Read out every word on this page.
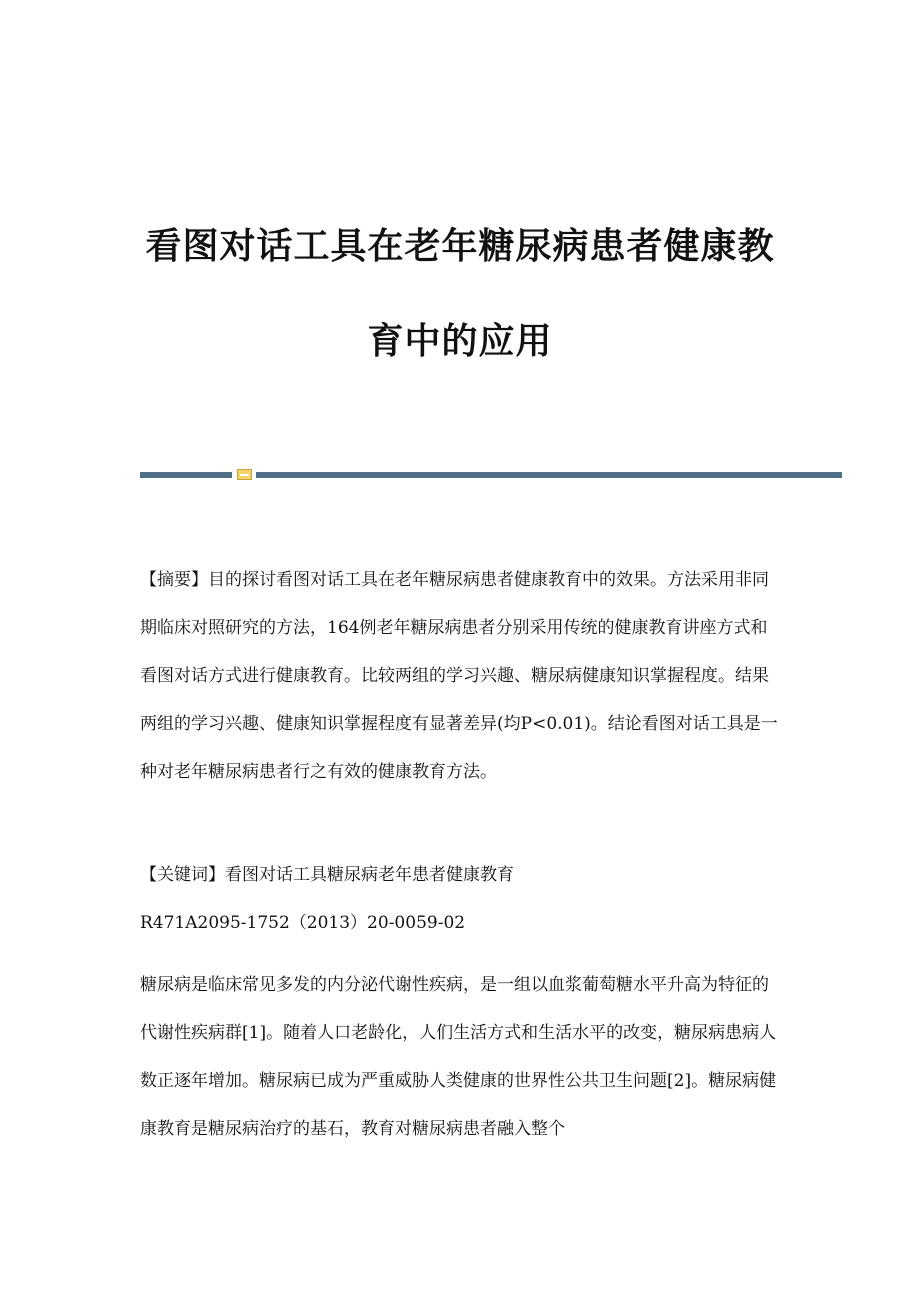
看图对话工具在老年糖尿病患者健康教
育中的应用

【摘要】目的探讨看图对话工具在老年糖尿病患者健康教育中的效果。方法采用非同期临床对照研究的方法，164例老年糖尿病患者分别采用传统的健康教育讲座方式和看图对话方式进行健康教育。比较两组的学习兴趣、糖尿病健康知识掌握程度。结果两组的学习兴趣、健康知识掌握程度有显著差异(均P<0.01)。结论看图对话工具是一种对老年糖尿病患者行之有效的健康教育方法。

【关键词】看图对话工具糖尿病老年患者健康教育

R471A2095-1752（2013）20-0059-02

糖尿病是临床常见多发的内分泌代谢性疾病，是一组以血浆葡萄糖水平升高为特征的代谢性疾病群[1]。随着人口老龄化，人们生活方式和生活水平的改变，糖尿病患病人数正逐年增加。糖尿病已成为严重威胁人类健康的世界性公共卫生问题[2]。糖尿病健康教育是糖尿病治疗的基石，教育对糖尿病患者融入整个
